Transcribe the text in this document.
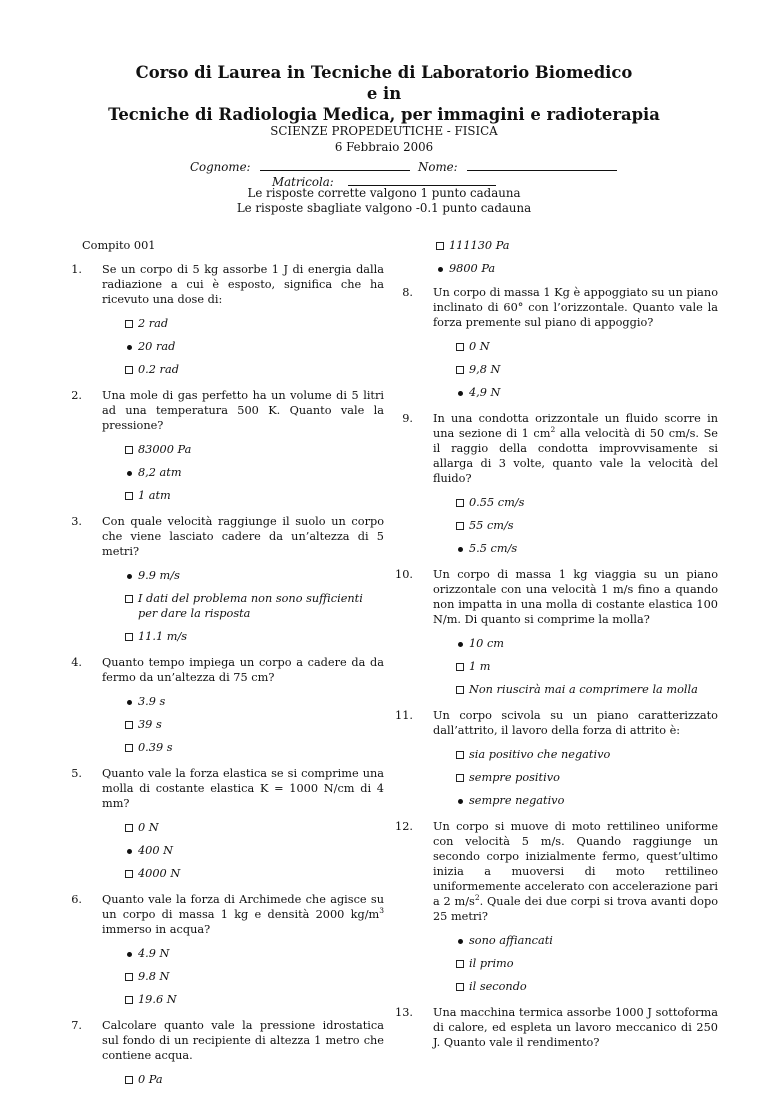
Corso di Laurea in Tecniche di Laboratorio Biomedico
e in
Tecniche di Radiologia Medica, per immagini e radioterapia
SCIENZE PROPEDEUTICHE - FISICA
6 Febbraio 2006
Cognome:	Nome:
Matricola:
Le risposte corrette valgono 1 punto cadauna
Le risposte sbagliate valgono -0.1 punto cadauna
Compito 001
1. Se un corpo di 5 kg assorbe 1 J di energia dalla radiazione a cui è esposto, significa che ha ricevuto una dose di:
2 rad
20 rad
0.2 rad
2. Una mole di gas perfetto ha un volume di 5 litri ad una temperatura 500 K. Quanto vale la pressione?
83000 Pa
8,2 atm
1 atm
3. Con quale velocità raggiunge il suolo un corpo che viene lasciato cadere da un’altezza di 5 metri?
9.9 m/s
I dati del problema non sono sufficienti per dare la risposta
11.1 m/s
4. Quanto tempo impiega un corpo a cadere da da fermo da un’altezza di 75 cm?
3.9 s
39 s
0.39 s
5. Quanto vale la forza elastica se si comprime una molla di costante elastica K = 1000 N/cm di 4 mm?
0 N
400 N
4000 N
6. Quanto vale la forza di Archimede che agisce su un corpo di massa 1 kg e densità 2000 $kg/m^3$ immerso in acqua?
4.9 N
9.8 N
19.6 N
7. Calcolare quanto vale la pressione idrostatica sul fondo di un recipiente di altezza 1 metro che contiene acqua.
0 Pa
111130 Pa
9800 Pa
8. Un corpo di massa 1 Kg è appoggiato su un piano inclinato di 60° con l’orizzontale. Quanto vale la forza premente sul piano di appoggio?
0 N
9,8 N
4,9 N
9. In una condotta orizzontale un fluido scorre in una sezione di 1 $cm^2$ alla velocità di 50 cm/s. Se il raggio della condotta improvvisamente si allarga di 3 volte, quanto vale la velocità del fluido?
0.55 cm/s
55 cm/s
5.5 cm/s
10. Un corpo di massa 1 kg viaggia su un piano orizzontale con una velocità 1 m/s fino a quando non impatta in una molla di costante elastica 100 N/m. Di quanto si comprime la molla?
10 cm
1 m
Non riuscirà mai a comprimere la molla
11. Un corpo scivola su un piano caratterizzato dall’attrito, il lavoro della forza di attrito è:
sia positivo che negativo
sempre positivo
sempre negativo
12. Un corpo si muove di moto rettilineo uniforme con velocità 5 m/s. Quando raggiunge un secondo corpo inizialmente fermo, quest’ultimo inizia a muoversi di moto rettilineo uniformemente accelerato con accelerazione pari a 2 $m/s^2$. Quale dei due corpi si trova avanti dopo 25 metri?
sono affiancati
il primo
il secondo
13. Una macchina termica assorbe 1000 J sottoforma di calore, ed espleta un lavoro meccanico di 250 J. Quanto vale il rendimento?
